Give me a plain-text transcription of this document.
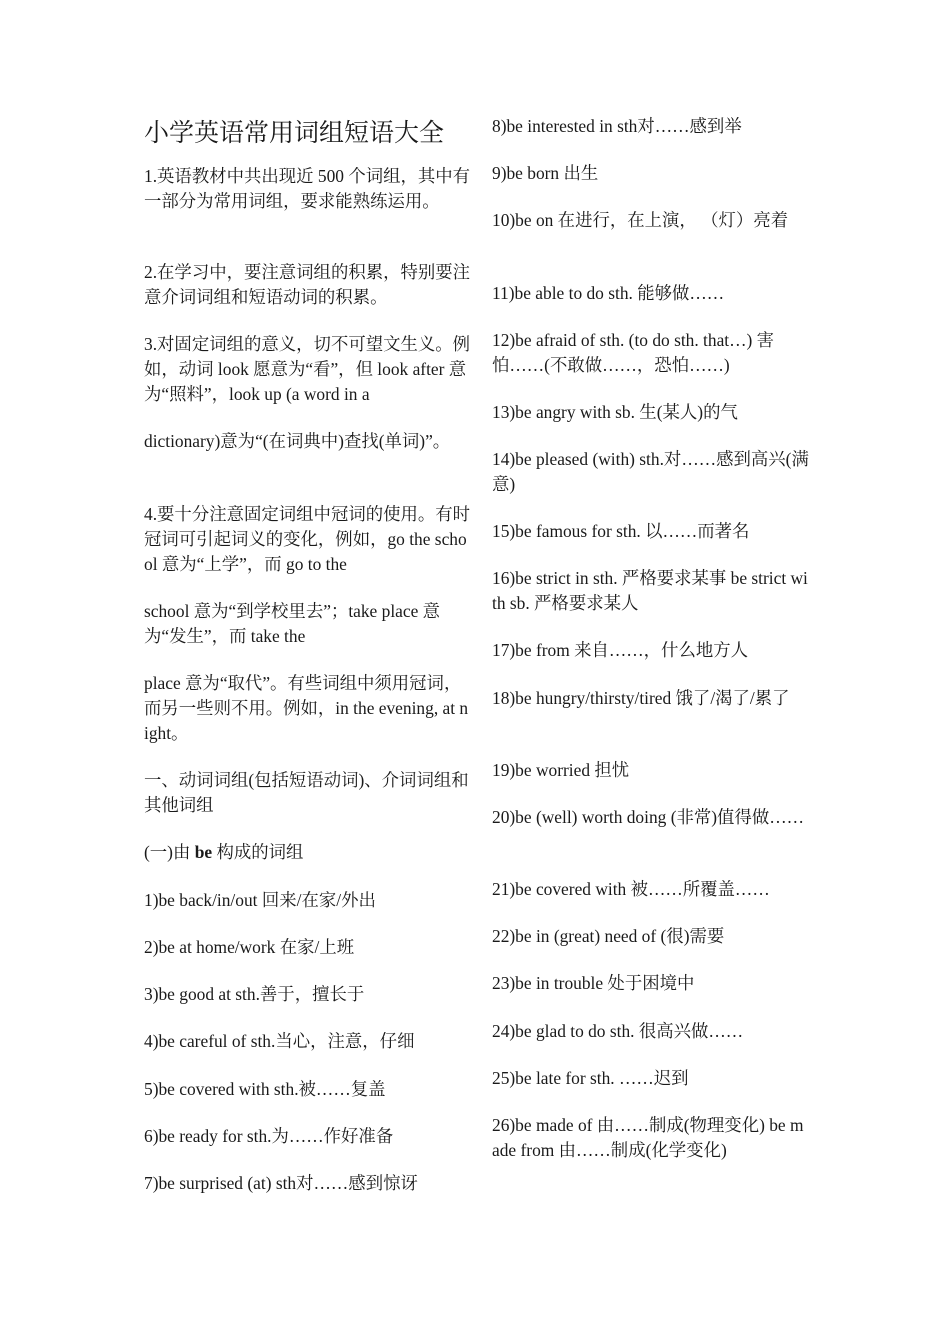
小学英语常用词组短语大全

1.英语教材中共出现近 500 个词组，其中有一部分为常用词组，要求能熟练运用。

2.在学习中，要注意词组的积累，特别要注意介词词组和短语动词的积累。

3.对固定词组的意义，切不可望文生义。例如，动词 look 愿意为“看”，但 look after 意为“照料”，look up (a word in a

dictionary)意为“(在词典中)查找(单词)”。

4.要十分注意固定词组中冠词的使用。有时冠词可引起词义的变化，例如，go the school 意为“上学”，而 go to the

school 意为“到学校里去”；take place 意为“发生”，而 take the

place 意为“取代”。有些词组中须用冠词，而另一些则不用。例如，in the evening, at night。

一、动词词组(包括短语动词)、介词词组和其他词组

(一)由 be 构成的词组

1)be back/in/out 回来/在家/外出

2)be at home/work 在家/上班

3)be good at sth.善于，擅长于

4)be careful of sth.当心，注意，仔细

5)be covered with sth.被……复盖

6)be ready for sth.为……作好准备

7)be surprised (at) sth对……感到惊讶

8)be interested in sth对……感到举

9)be born 出生

10)be on 在进行，在上演， （灯）亮着

11)be able to do sth. 能够做……

12)be afraid of sth. (to do sth. that…) 害怕……(不敢做……，恐怕……)

13)be angry with sb. 生(某人)的气

14)be pleased (with) sth.对……感到高兴(满意)

15)be famous for sth. 以……而著名

16)be strict in sth. 严格要求某事 be strict with sb. 严格要求某人

17)be from 来自……，什么地方人

18)be hungry/thirsty/tired 饿了/渴了/累了

19)be worried 担忧

20)be (well) worth doing (非常)值得做……

21)be covered with 被……所覆盖……

22)be in (great) need of (很)需要

23)be in trouble 处于困境中

24)be glad to do sth. 很高兴做……

25)be late for sth. ……迟到

26)be made of 由……制成(物理变化) be made from 由……制成(化学变化)
